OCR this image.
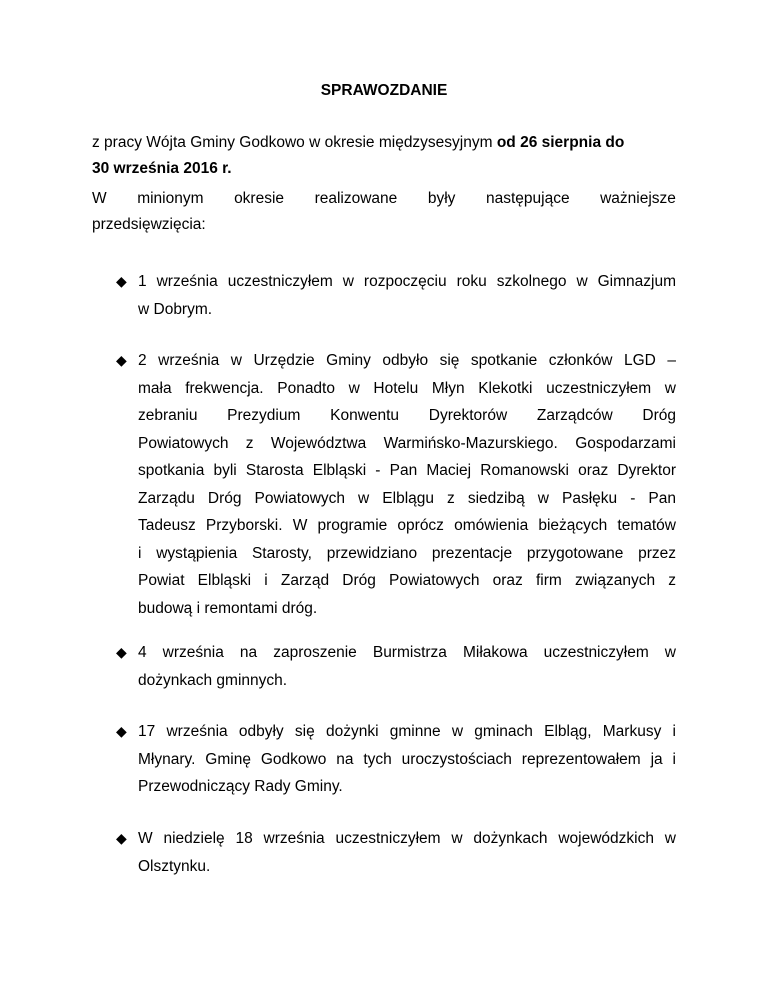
SPRAWOZDANIE
z pracy Wójta Gminy Godkowo w okresie międzysesyjnym od 26 sierpnia do
30 września 2016 r.
W minionym okresie realizowane były następujące ważniejsze
przedsięwzięcia:
◆ 1 września uczestniczyłem w rozpoczęciu roku szkolnego w Gimnazjum
w Dobrym.
◆ 2 września w Urzędzie Gminy odbyło się spotkanie członków LGD –
mała frekwencja. Ponadto w Hotelu Młyn Klekotki uczestniczyłem w
zebraniu Prezydium Konwentu Dyrektorów Zarządców Dróg
Powiatowych z Województwa Warmińsko-Mazurskiego. Gospodarzami
spotkania byli Starosta Elbląski - Pan Maciej Romanowski oraz Dyrektor
Zarządu Dróg Powiatowych w Elblągu z siedzibą w Pasłęku - Pan
Tadeusz Przyborski. W programie oprócz omówienia bieżących tematów
i wystąpienia Starosty, przewidziano prezentacje przygotowane przez
Powiat Elbląski i Zarząd Dróg Powiatowych oraz firm związanych z
budową i remontami dróg.
◆ 4 września na zaproszenie Burmistrza Miłakowa uczestniczyłem w
dożynkach gminnych.
◆ 17 września odbyły się dożynki gminne w gminach Elbląg, Markusy i
Młynary. Gminę Godkowo na tych uroczystościach reprezentowałem ja i
Przewodniczący Rady Gminy.
◆ W niedzielę 18 września uczestniczyłem w dożynkach wojewódzkich w
Olsztynku.
